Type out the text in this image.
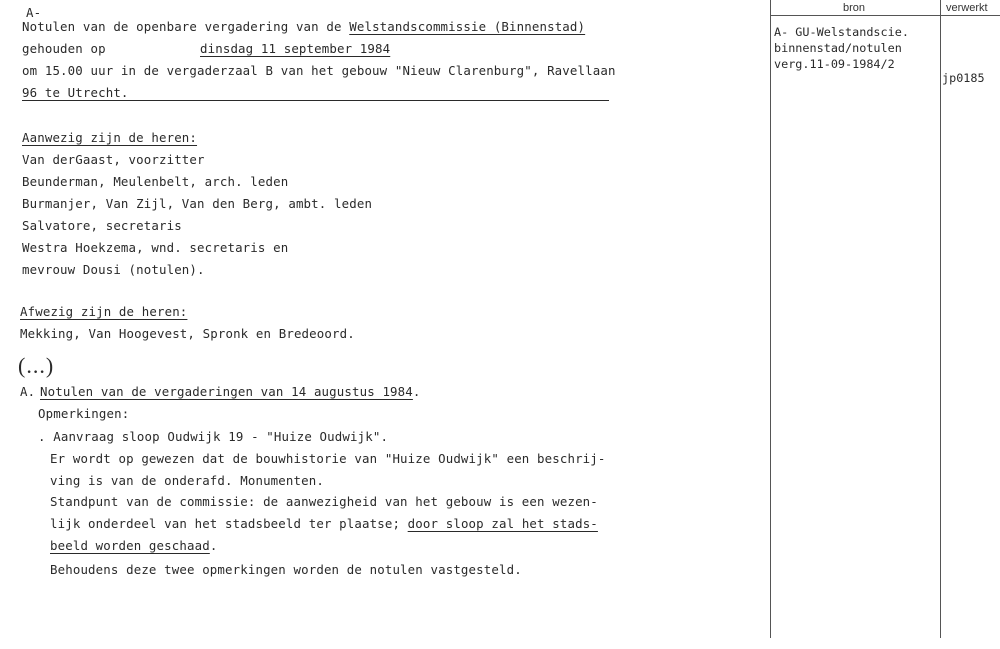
A-
Notulen van de openbare vergadering van de Welstandscommissie (Binnenstad)
gehouden op	dinsdag 11 september 1984
om 15.00 uur in de vergaderzaal B van het gebouw "Nieuw Clarenburg", Ravellaan
96 te Utrecht.
Aanwezig zijn de heren:
Van derGaast, voorzitter
Beunderman, Meulenbelt, arch. leden
Burmanjer, Van Zijl, Van den Berg, ambt. leden
Salvatore, secretaris
Westra Hoekzema, wnd. secretaris en
mevrouw Dousi (notulen).
Afwezig zijn de heren:
Mekking, Van Hoogevest, Spronk en Bredeoord.
(...)
A. Notulen van de vergaderingen van 14 augustus 1984.
Opmerkingen:
. Aanvraag sloop Oudwijk 19 - "Huize Oudwijk".
Er wordt op gewezen dat de bouwhistorie van "Huize Oudwijk" een beschrij-
ving is van de onderafd. Monumenten.
Standpunt van de commissie: de aanwezigheid van het gebouw is een wezen-
lijk onderdeel van het stadsbeeld ter plaatse; door sloop zal het stads-
beeld worden geschaad.
Behoudens deze twee opmerkingen worden de notulen vastgesteld.
bron	verwerkt
A- GU-Welstandscie.
binnenstad/notulen
verg.11-09-1984/2
jp0185
